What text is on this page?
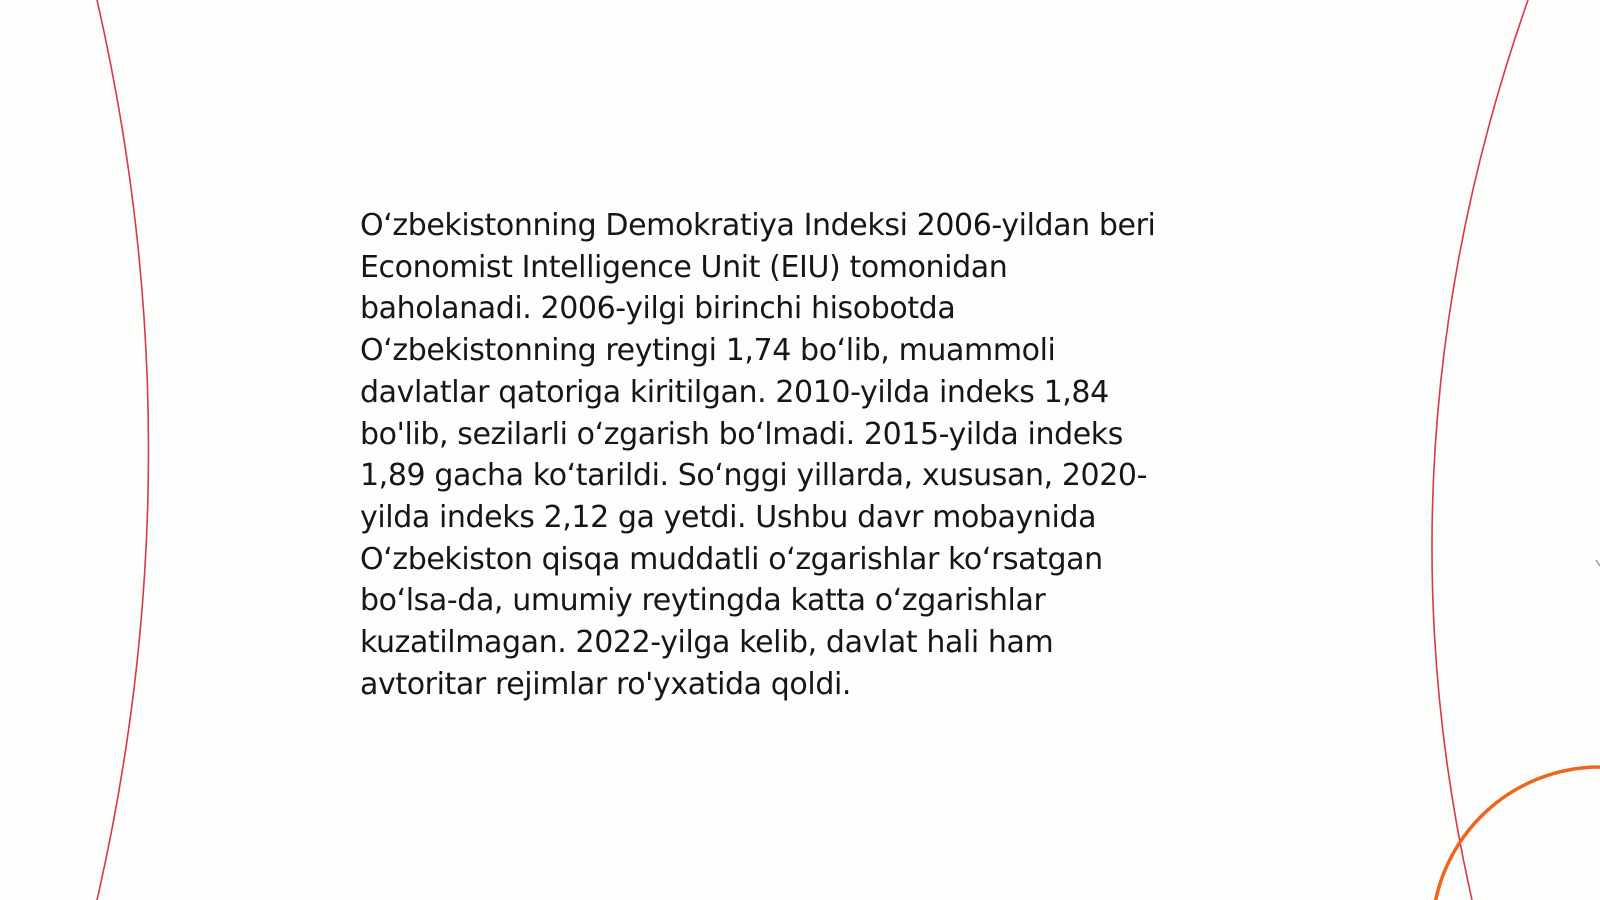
O‘zbekistonning Demokratiya Indeksi 2006-yildan beri
Economist Intelligence Unit (EIU) tomonidan
baholanadi. 2006-yilgi birinchi hisobotda
O‘zbekistonning reytingi 1,74 bo‘lib, muammoli
davlatlar qatoriga kiritilgan. 2010-yilda indeks 1,84
bo'lib, sezilarli o‘zgarish bo‘lmadi. 2015-yilda indeks
1,89 gacha ko‘tarildi. So‘nggi yillarda, xususan, 2020-
yilda indeks 2,12 ga yetdi. Ushbu davr mobaynida
O‘zbekiston qisqa muddatli o‘zgarishlar ko‘rsatgan
bo‘lsa-da, umumiy reytingda katta o‘zgarishlar
kuzatilmagan. 2022-yilga kelib, davlat hali ham
avtoritar rejimlar ro'yxatida qoldi.
